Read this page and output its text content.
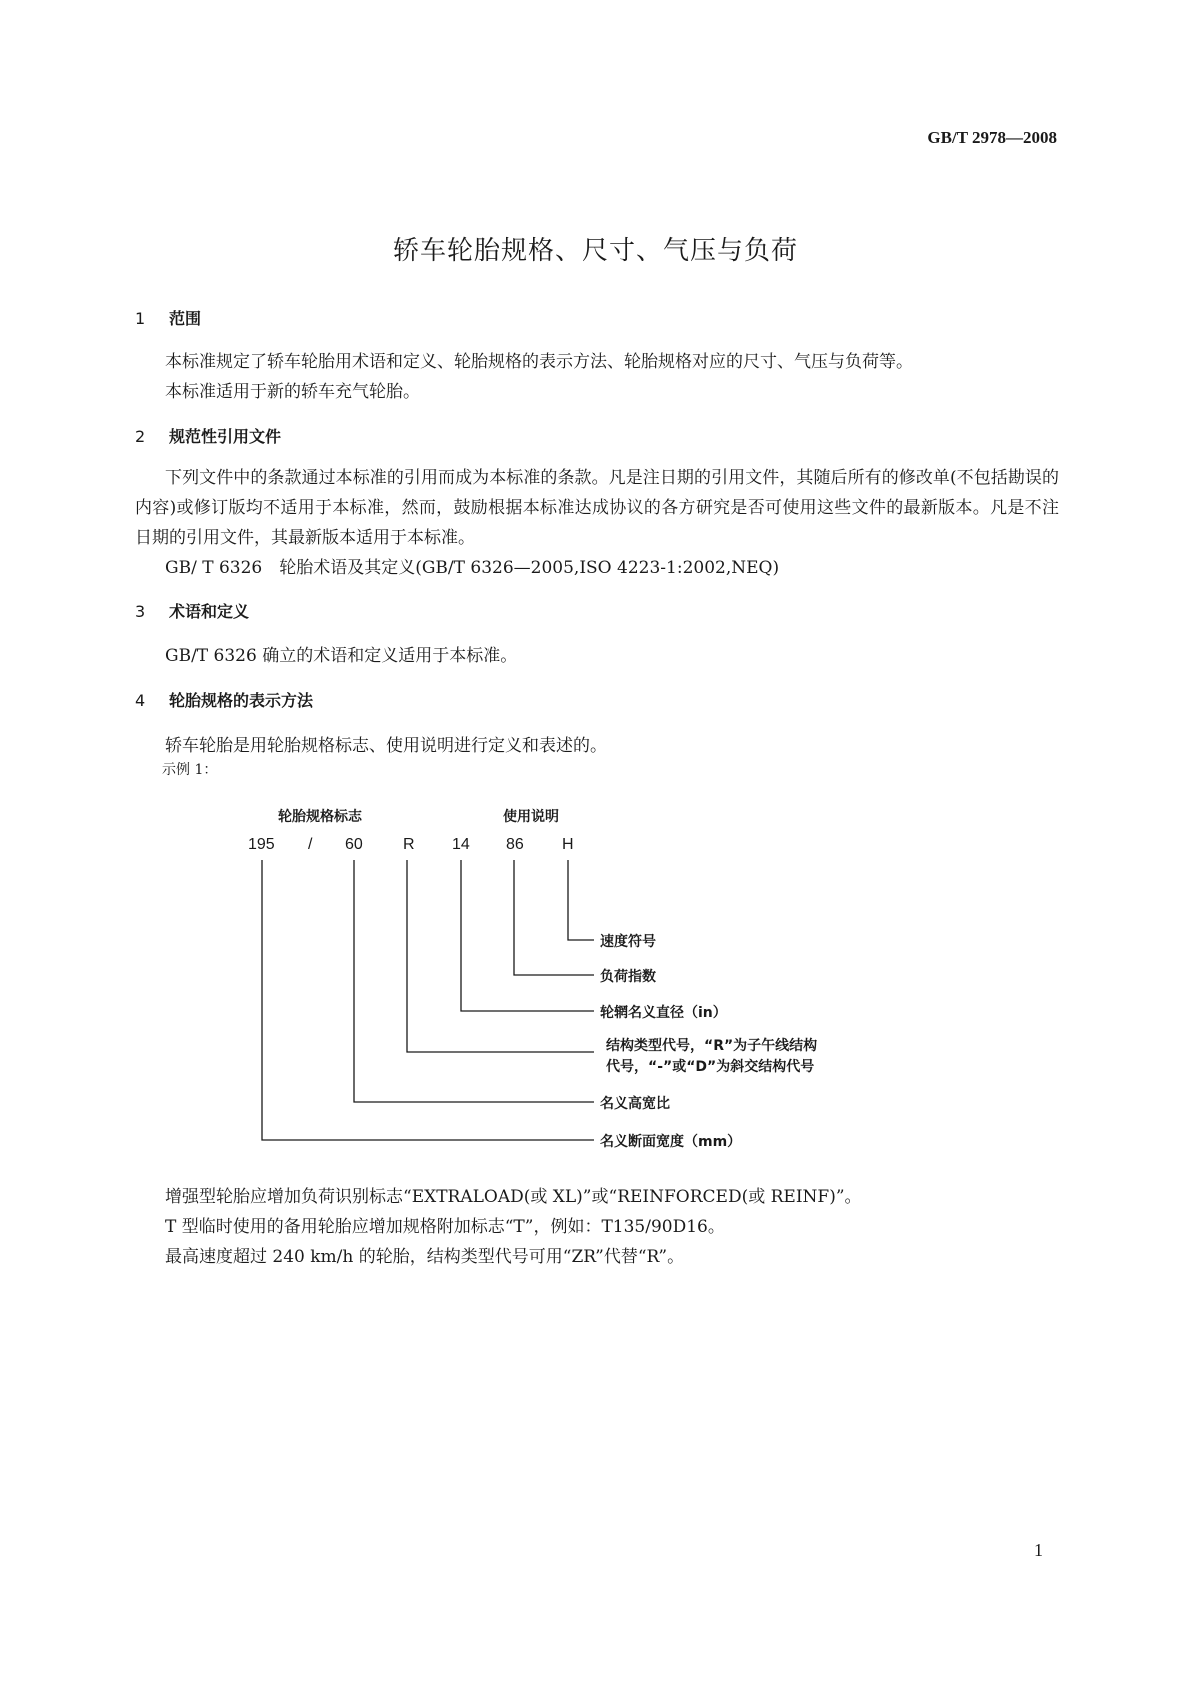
GB/T 2978—2008
轿车轮胎规格、尺寸、气压与负荷
1 范围
本标准规定了轿车轮胎用术语和定义、轮胎规格的表示方法、轮胎规格对应的尺寸、气压与负荷等。
本标准适用于新的轿车充气轮胎。
2 规范性引用文件
下列文件中的条款通过本标准的引用而成为本标准的条款。凡是注日期的引用文件，其随后所有的修改单(不包括勘误的内容)或修订版均不适用于本标准，然而，鼓励根据本标准达成协议的各方研究是否可使用这些文件的最新版本。凡是不注日期的引用文件，其最新版本适用于本标准。
GB/ T 6326　轮胎术语及其定义(GB/T 6326—2005,ISO 4223-1:2002,NEQ)
3 术语和定义
GB/T 6326 确立的术语和定义适用于本标准。
4 轮胎规格的表示方法
轿车轮胎是用轮胎规格标志、使用说明进行定义和表述的。
示例 1：
轮胎规格标志	使用说明
195 / 60	R 14 86 H
速度符号
负荷指数
轮辋名义直径（in）
结构类型代号，“R”为子午线结构
代号，“-”或“D”为斜交结构代号
名义高宽比
名义断面宽度（mm）
增强型轮胎应增加负荷识别标志“EXTRALOAD(或 XL)”或“REINFORCED(或 REINF)”。
T 型临时使用的备用轮胎应增加规格附加标志“T”，例如：T135/90D16。
最高速度超过 240 km/h 的轮胎，结构类型代号可用“ZR”代替“R”。
1
